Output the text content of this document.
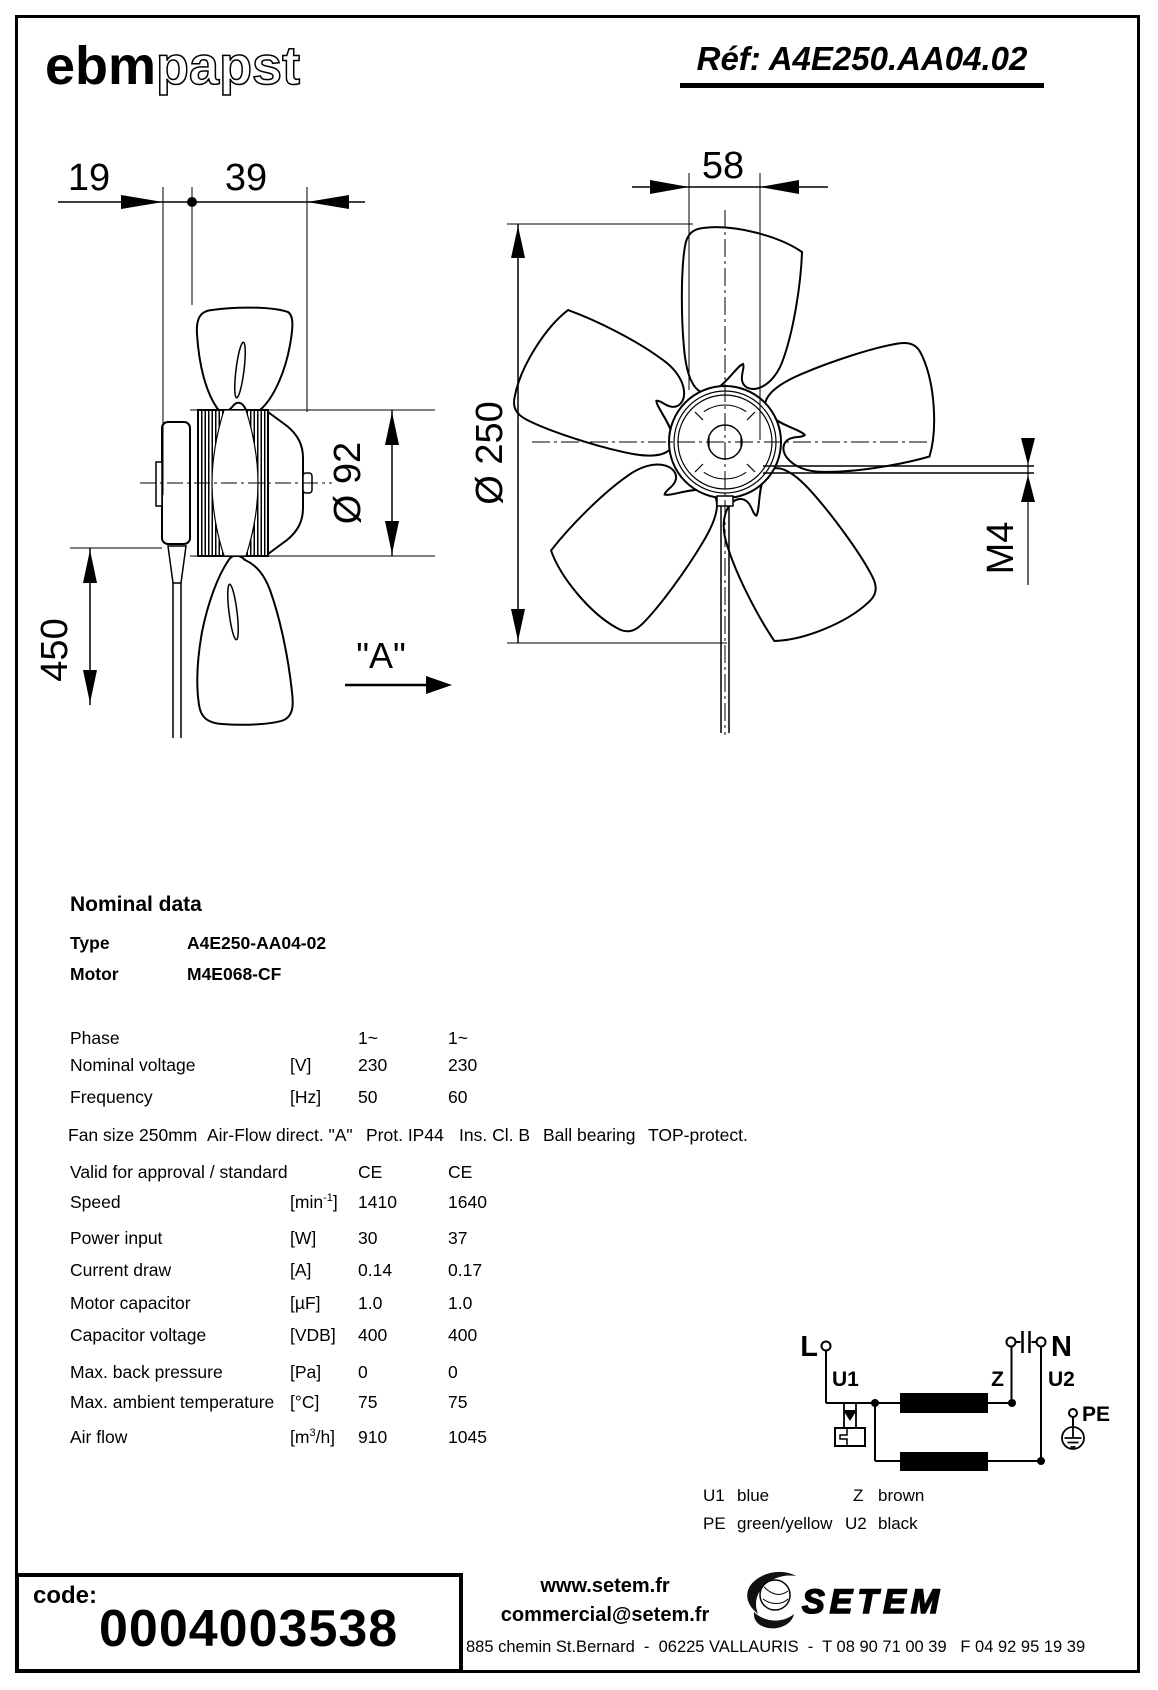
ebmpapst	Réf: A4E250.AA04.02
19	39
Ø 92
450	"A"
58
Ø 250
M4
Nominal data
Type	A4E250-AA04-02
Motor	M4E068-CF
Phase	1~	1~
Nominal voltage	[V]	230	230
Frequency	[Hz] 50	60
Fan size 250mm Air-Flow direct. "A" Prot. IP44 Ins. Cl. B Ball bearing TOP-protect.
Valid for approval / standard	CE	CE
Speed	$[\min^{-1}]$ 1410	1640
Power input	[W] 30	37
Current draw	[A]	0.14	0.17
Motor capacitor	[µF] 1.0	1.0
Capacitor voltage	[VDB] 400	400
Max. back pressure	[Pa] 0	0
Max. ambient temperature [°C] 75	75
Air flow	$[m^3/h]$ 910	1045
L
U1	Z
N
U2
PE
U1 blue	Z brown
PE green/yellow U2 black
code:
0004003538
www.setem.fr
commercial@setem.fr	SETEM
885 chemin St.Bernard  -  06225 VALLAURIS  -  T 08 90 71 00 39   F 04 92 95 19 39
